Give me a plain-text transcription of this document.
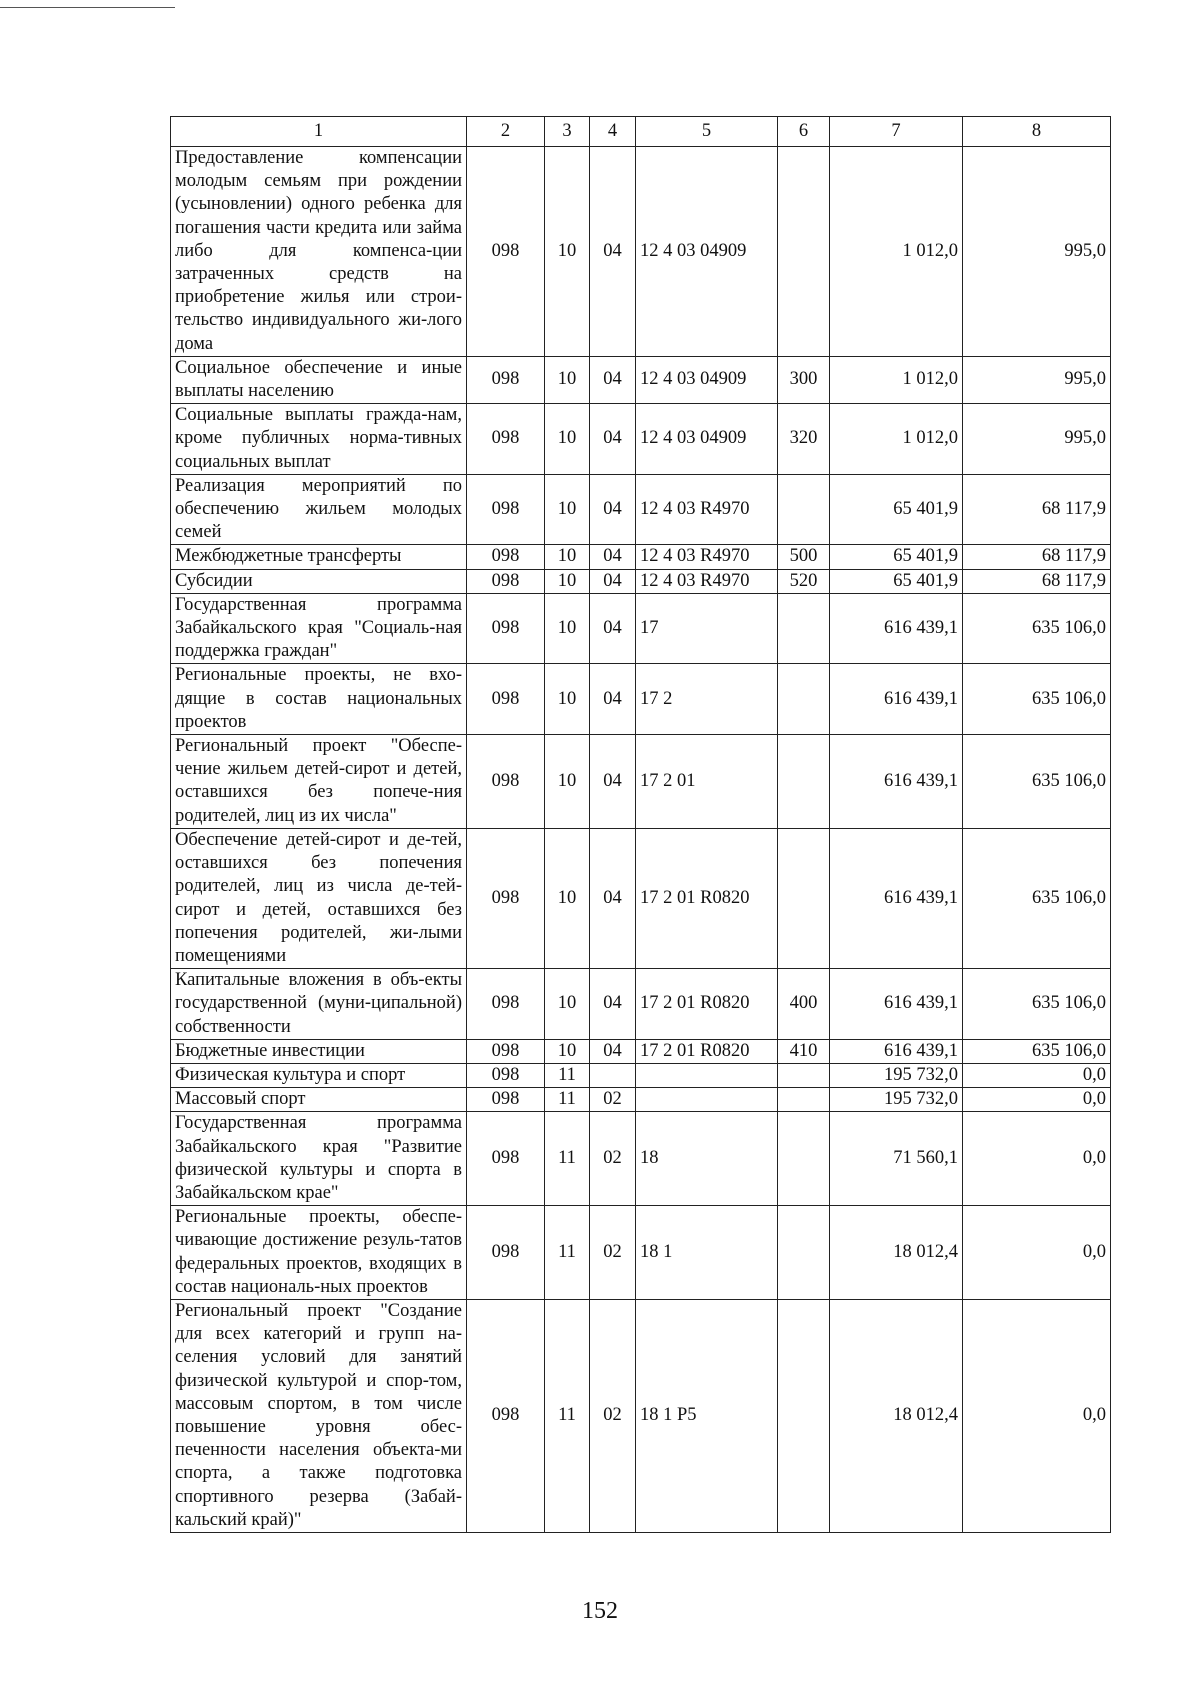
1	2	3	4	5	6	7	8
Предоставление компенсации молодым семьям при рождении (усыновлении) одного ребенка для погашения части кредита или займа либо для компенса-ции затраченных средств на приобретение жилья или строи-тельство индивидуального жи-лого дома	098	10	04	12 4 03 04909		1 012,0	995,0
Социальное обеспечение и иные выплаты населению	098	10	04	12 4 03 04909	300	1 012,0	995,0
Социальные выплаты гражда-нам, кроме публичных норма-тивных социальных выплат	098	10	04	12 4 03 04909	320	1 012,0	995,0
Реализация мероприятий по обеспечению жильем молодых семей	098	10	04	12 4 03 R4970		65 401,9	68 117,9
Межбюджетные трансферты	098	10	04	12 4 03 R4970	500	65 401,9	68 117,9
Субсидии	098	10	04	12 4 03 R4970	520	65 401,9	68 117,9
Государственная программа Забайкальского края "Социаль-ная поддержка граждан"	098	10	04	17		616 439,1	635 106,0
Региональные проекты, не вхо-дящие в состав национальных проектов	098	10	04	17 2		616 439,1	635 106,0
Региональный проект "Обеспе-чение жильем детей-сирот и детей, оставшихся без попече-ния родителей, лиц из их числа"	098	10	04	17 2 01		616 439,1	635 106,0
Обеспечение детей-сирот и де-тей, оставшихся без попечения родителей, лиц из числа де-тей-сирот и детей, оставшихся без попечения родителей, жи-лыми помещениями	098	10	04	17 2 01 R0820		616 439,1	635 106,0
Капитальные вложения в объ-екты государственной (муни-ципальной) собственности	098	10	04	17 2 01 R0820	400	616 439,1	635 106,0
Бюджетные инвестиции	098	10	04	17 2 01 R0820	410	616 439,1	635 106,0
Физическая культура и спорт	098	11				195 732,0	0,0
Массовый спорт	098	11	02			195 732,0	0,0
Государственная программа Забайкальского края "Развитие физической культуры и спорта в Забайкальском крае"	098	11	02	18		71 560,1	0,0
Региональные проекты, обеспе-чивающие достижение резуль-татов федеральных проектов, входящих в состав националь-ных проектов	098	11	02	18 1		18 012,4	0,0
Региональный проект "Создание для всех категорий и групп на-селения условий для занятий физической культурой и спор-том, массовым спортом, в том числе повышение уровня обес-печенности населения объекта-ми спорта, а также подготовка спортивного резерва (Забай-кальский край)"	098	11	02	18 1 P5		18 012,4	0,0
152
